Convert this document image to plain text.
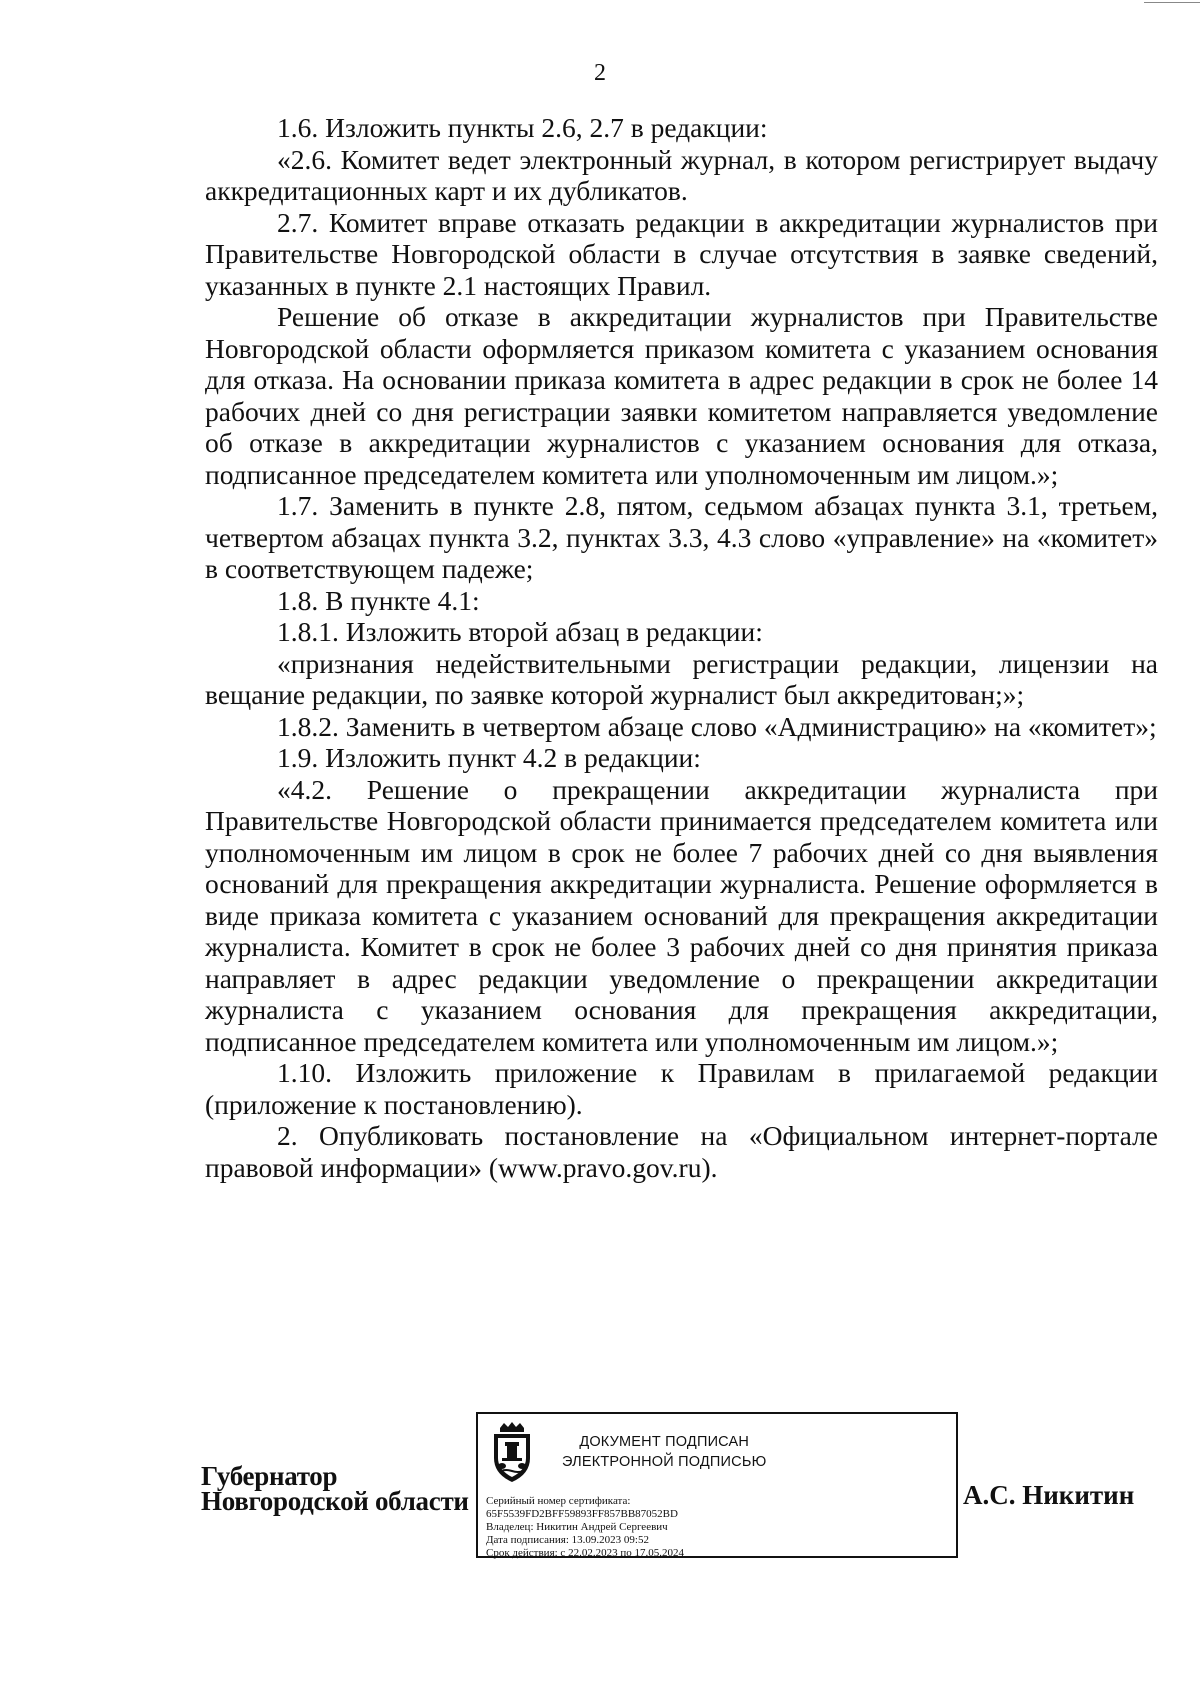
2

1.6. Изложить пункты 2.6, 2.7 в редакции:

«2.6. Комитет ведет электронный журнал, в котором регистрирует выдачу аккредитационных карт и их дубликатов.

2.7. Комитет вправе отказать редакции в аккредитации журналистов при Правительстве Новгородской области в случае отсутствия в заявке сведений, указанных в пункте 2.1 настоящих Правил.

Решение об отказе в аккредитации журналистов при Правительстве Новгородской области оформляется приказом комитета с указанием основания для отказа. На основании приказа комитета в адрес редакции в срок не более 14 рабочих дней со дня регистрации заявки комитетом направляется уведомление об отказе в аккредитации журналистов с указанием основания для отказа, подписанное председателем комитета или уполномоченным им лицом.»;

1.7. Заменить в пункте 2.8, пятом, седьмом абзацах пункта 3.1, третьем, четвертом абзацах пункта 3.2, пунктах 3.3, 4.3 слово «управление» на «комитет» в соответствующем падеже;

1.8. В пункте 4.1:

1.8.1. Изложить второй абзац в редакции:

«признания недействительными регистрации редакции, лицензии на вещание редакции, по заявке которой журналист был аккредитован;»;

1.8.2. Заменить в четвертом абзаце слово «Администрацию» на «комитет»;

1.9. Изложить пункт 4.2 в редакции:

«4.2. Решение о прекращении аккредитации журналиста при Правительстве Новгородской области принимается председателем комитета или уполномоченным им лицом в срок не более 7 рабочих дней со дня выявления оснований для прекращения аккредитации журналиста. Решение оформляется в виде приказа комитета с указанием оснований для прекращения аккредитации журналиста. Комитет в срок не более 3 рабочих дней со дня принятия приказа направляет в адрес редакции уведомление о прекращении аккредитации журналиста с указанием основания для прекращения аккредитации, подписанное председателем комитета или уполномоченным им лицом.»;

1.10. Изложить приложение к Правилам в прилагаемой редакции (приложение к постановлению).

2. Опубликовать постановление на «Официальном интернет-портале правовой информации» (www.pravo.gov.ru).

Губернатор
Новгородской области
ДОКУМЕНТ ПОДПИСАН
ЭЛЕКТРОННОЙ ПОДПИСЬЮ
Серийный номер сертификата:
65F5539FD2BFF59893FF857BB87052BD
Владелец: Никитин Андрей Сергеевич
Дата подписания: 13.09.2023 09:52
Срок действия: с 22.02.2023 по 17.05.2024
А.С. Никитин
